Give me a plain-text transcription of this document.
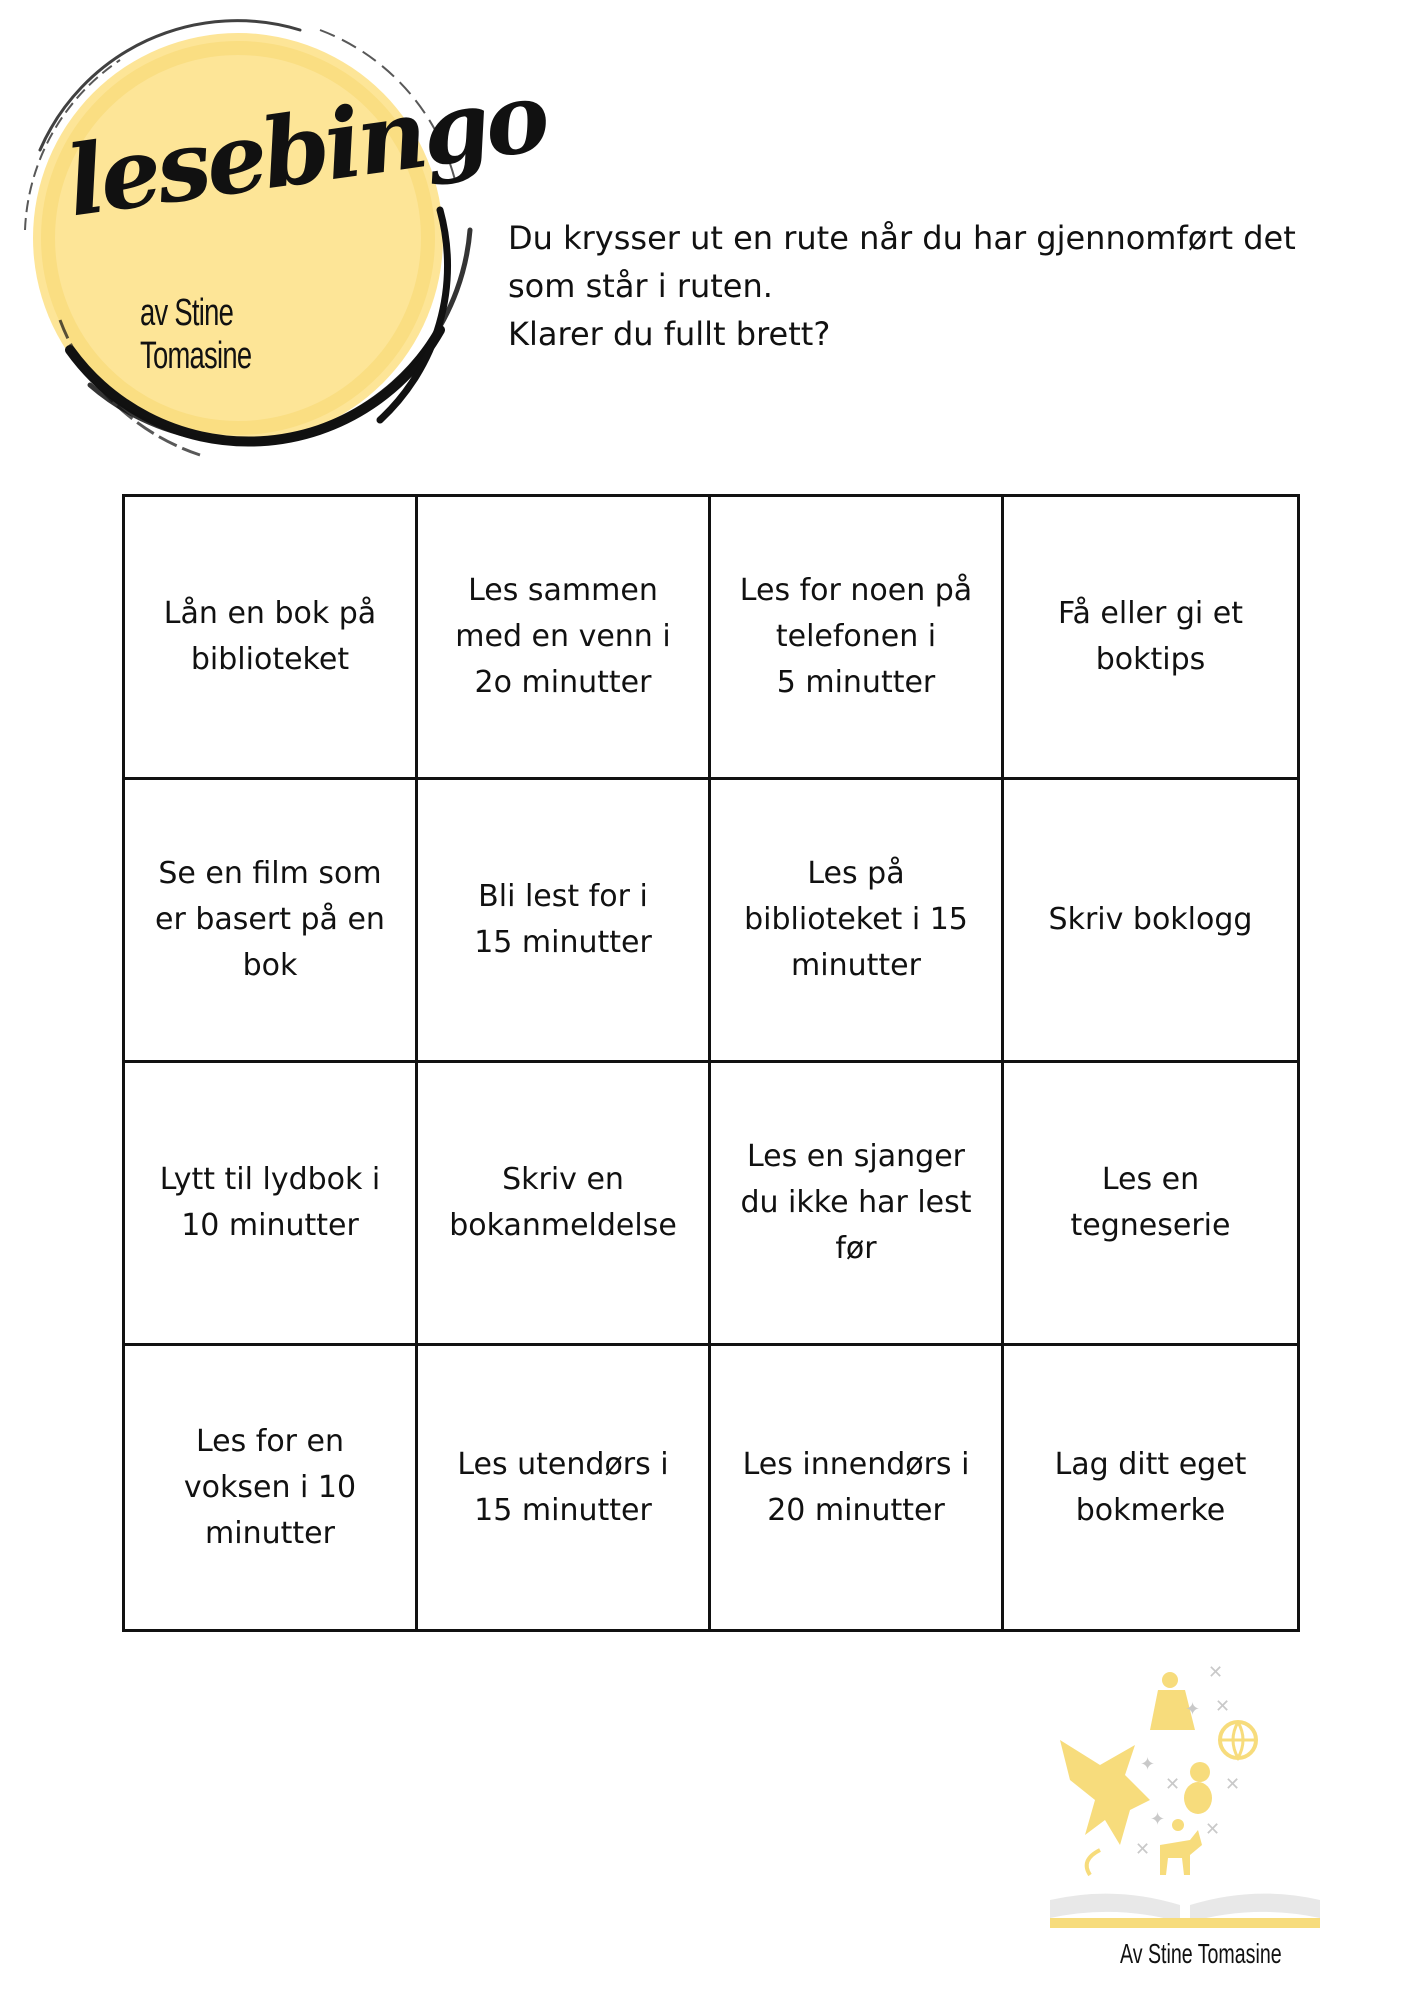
lesebingo
av Stine Tomasine

Du krysser ut en rute når du har gjennomført det

som står i ruten.

Klarer du fullt brett?

Lån en bok på
biblioteket
Les sammen
med en venn i
2o minutter
Les for noen på
telefonen i
5 minutter
Få eller gi et
boktips
Se en film som
er basert på en
bok
Bli lest for i
15 minutter
Les på
biblioteket i 15
minutter
Skriv boklogg
Lytt til lydbok i
10 minutter
Skriv en
bokanmeldelse
Les en sjanger
du ikke har lest
før
Les en
tegneserie
Les for en
voksen i 10
minutter
Les utendørs i
15 minutter
Les innendørs i
20 minutter
Lag ditt eget
bokmerke
✕
✦ ✕
✦
✕ ✕
✦ ✕
✕
Av Stine Tomasine
